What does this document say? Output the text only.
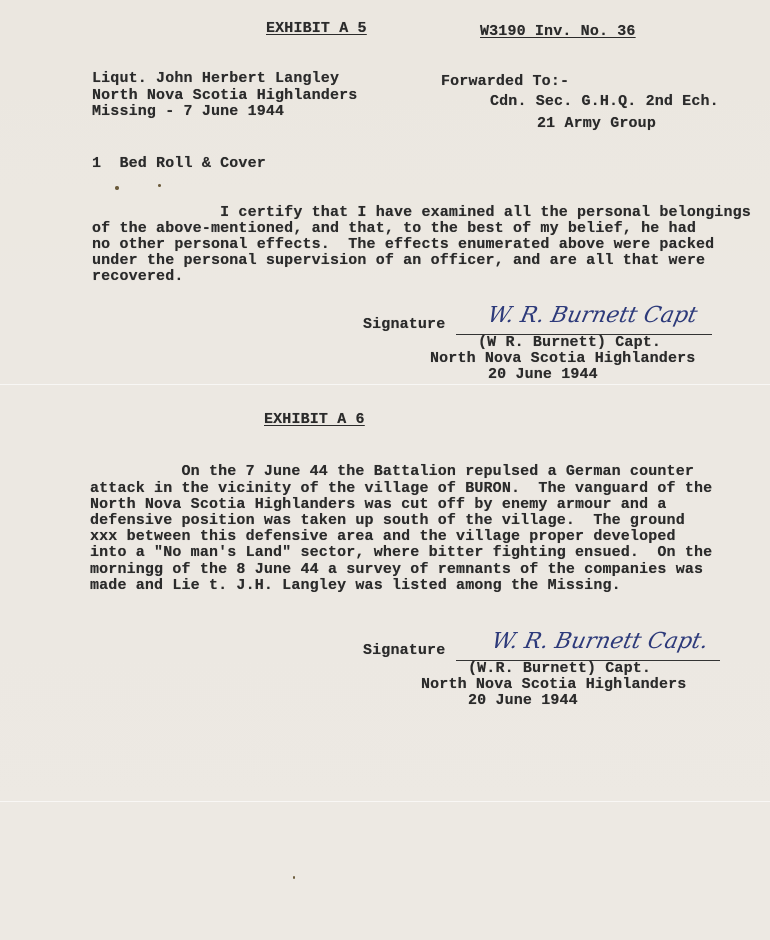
EXHIBIT A 5	W3190 Inv. No. 36
Liqut. John Herbert Langley
North Nova Scotia Highlanders
Missing - 7 June 1944
Forwarded To:-
Cdn. Sec. G.H.Q. 2nd Ech.
21 Army Group
1  Bed Roll & Cover
I certify that I have examined all the personal belongings
of the above-mentioned, and that, to the best of my belief, he had
no other personal effects.  The effects enumerated above were packed
under the personal supervision of an officer, and are all that were
recovered.
Signature W. R. Burnett Capt
(W R. Burnett) Capt.
North Nova Scotia Highlanders
20 June 1944
EXHIBIT A 6
On the 7 June 44 the Battalion repulsed a German counter
attack in the vicinity of the village of BURON.  The vanguard of the
North Nova Scotia Highlanders was cut off by enemy armour and a
defensive position was taken up south of the village.  The ground
xxx between this defensive area and the village proper developed
into a "No man's Land" sector, where bitter fighting ensued.  On the
morningg of the 8 June 44 a survey of remnants of the companies was
made and Lie t. J.H. Langley was listed among the Missing.
Signature W. R. Burnett Capt.
(W.R. Burnett) Capt.
North Nova Scotia Highlanders
20 June 1944
